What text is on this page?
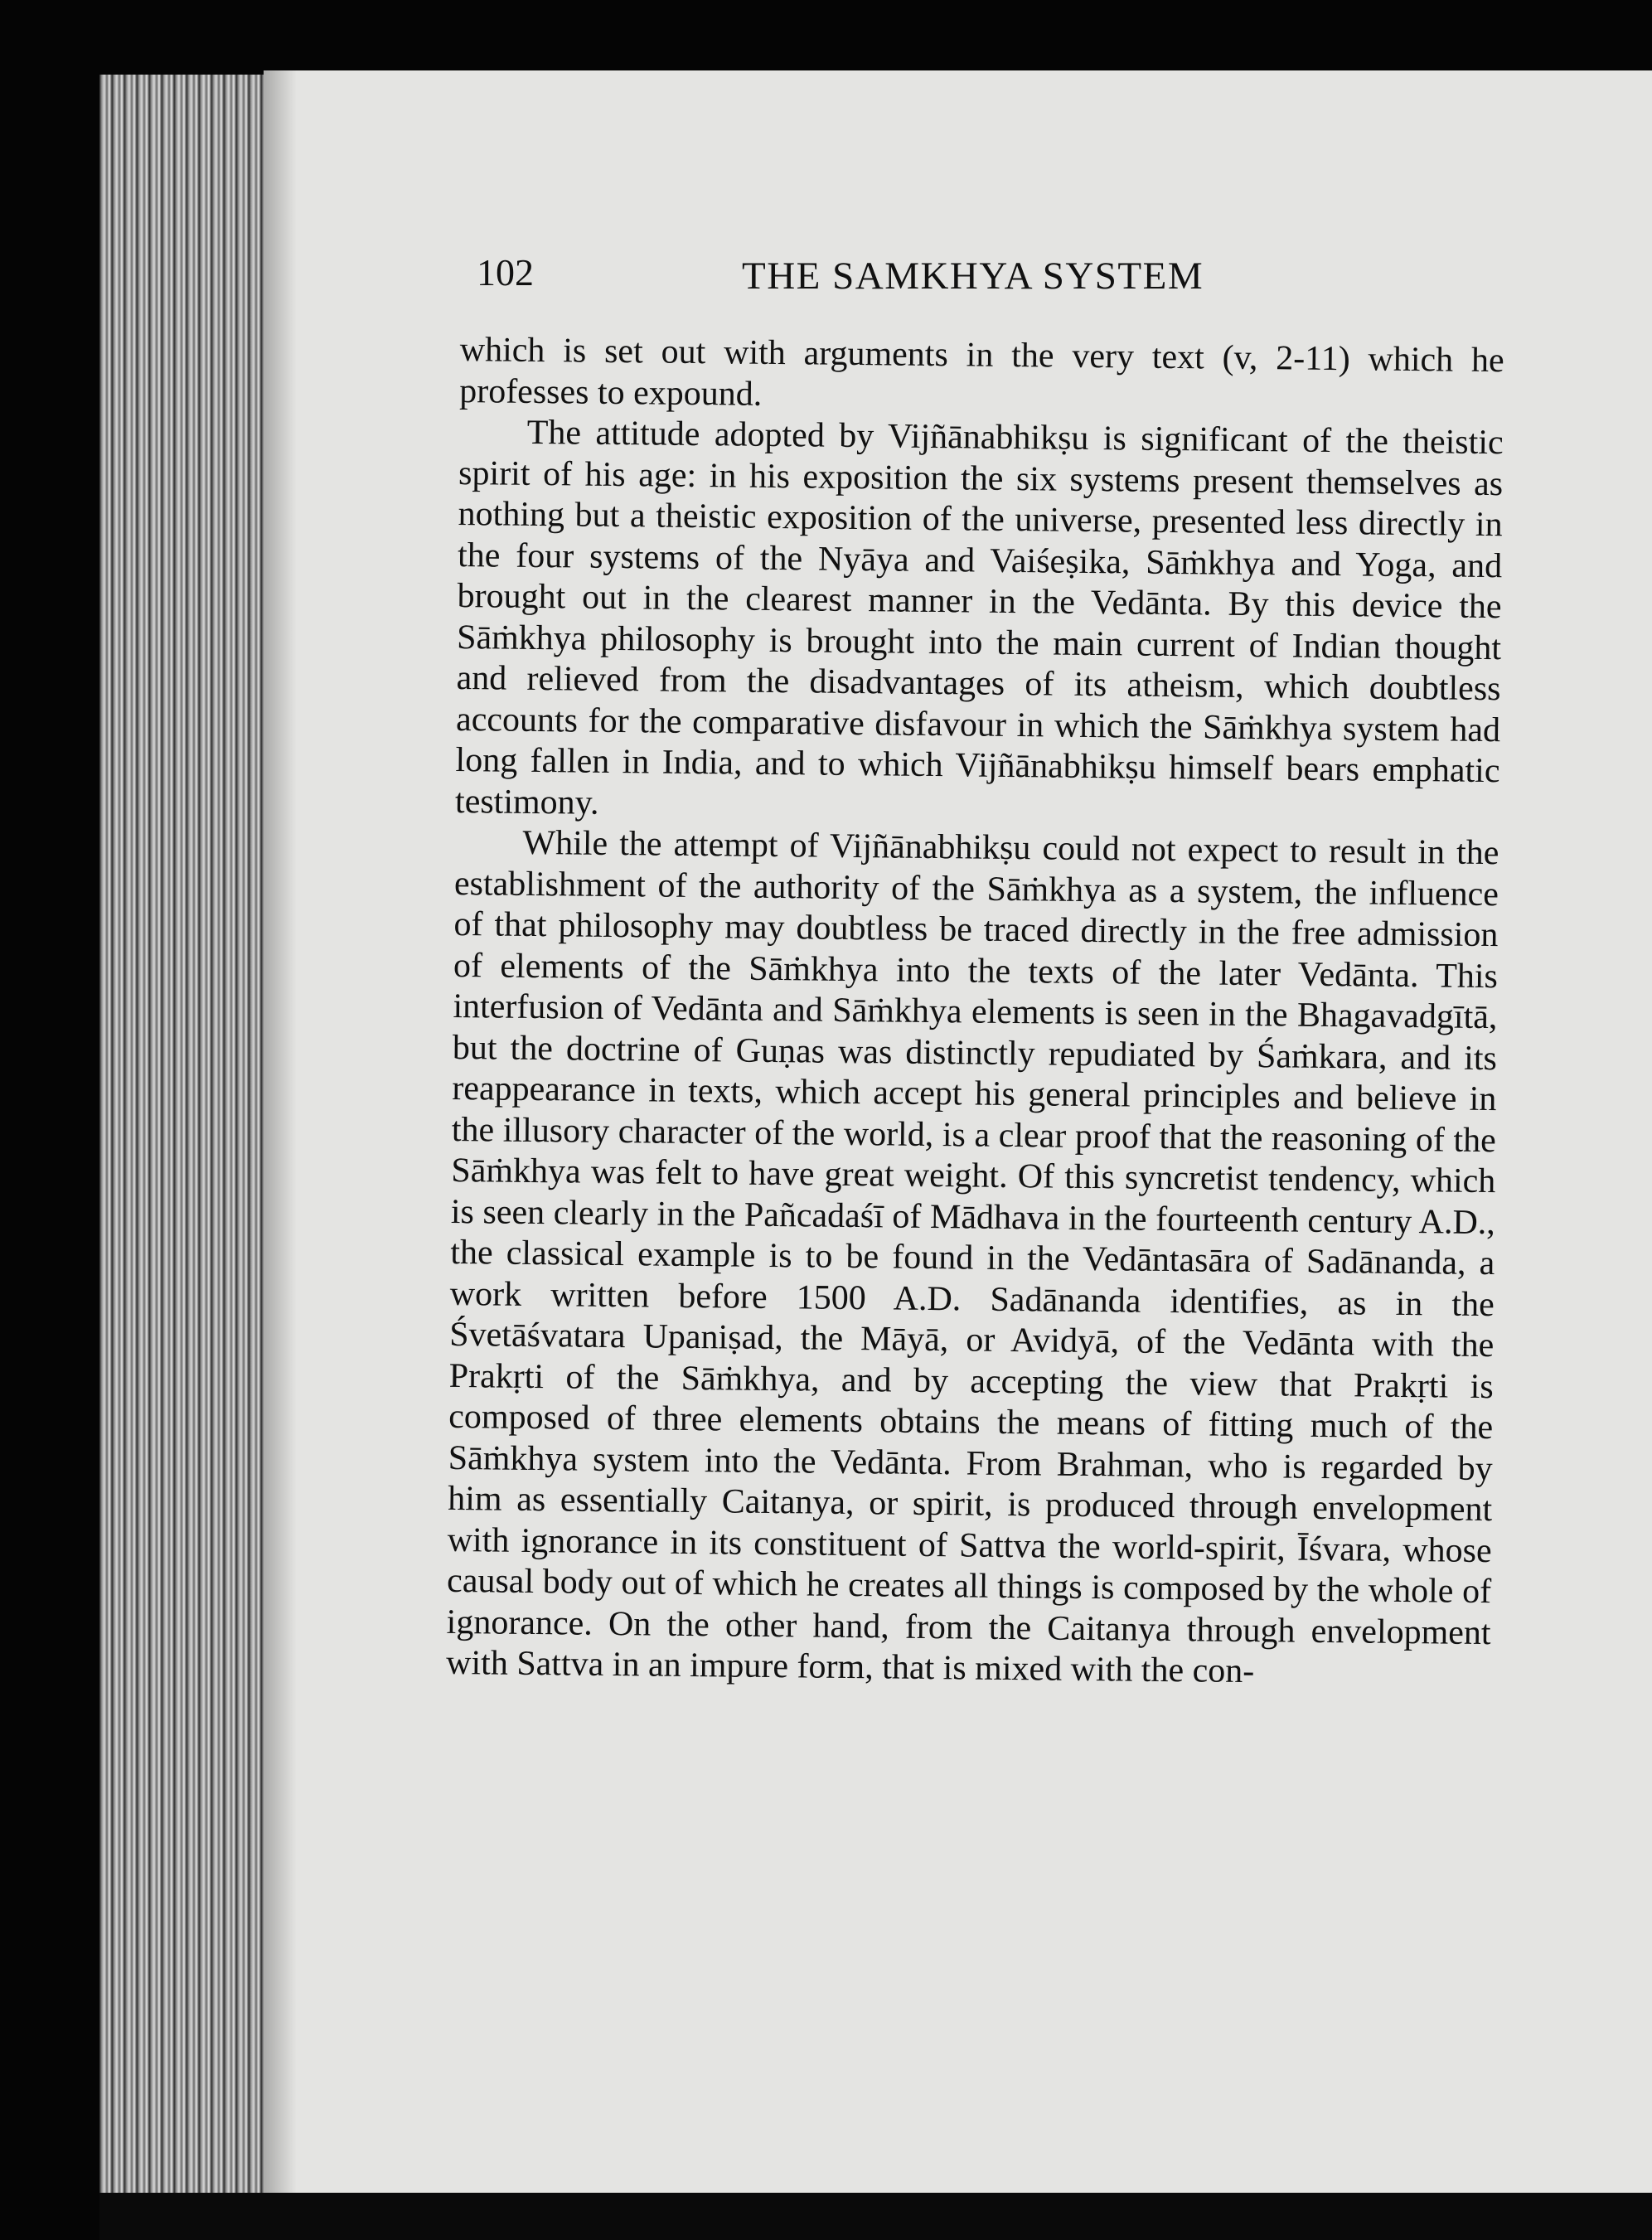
102	THE SAMKHYA SYSTEM

which is set out with arguments in the very text (v, 2-11) which he professes to expound.

The attitude adopted by Vijñānabhikṣu is significant of the theistic spirit of his age: in his exposition the six systems present themselves as nothing but a theistic exposition of the universe, presented less directly in the four systems of the Nyāya and Vaiśeṣika, Sāṁkhya and Yoga, and brought out in the clearest manner in the Vedānta. By this device the Sāṁkhya philosophy is brought into the main current of Indian thought and relieved from the disadvantages of its atheism, which doubtless accounts for the comparative disfavour in which the Sāṁkhya system had long fallen in India, and to which Vijñānabhikṣu himself bears emphatic testimony.

While the attempt of Vijñānabhikṣu could not expect to result in the establishment of the authority of the Sāṁkhya as a system, the influence of that philosophy may doubtless be traced directly in the free admission of elements of the Sāṁkhya into the texts of the later Vedānta. This interfusion of Vedānta and Sāṁkhya elements is seen in the Bhagavadgītā, but the doctrine of Guṇas was distinctly repudiated by Śaṁkara, and its reappearance in texts, which accept his general principles and believe in the illusory character of the world, is a clear proof that the reasoning of the Sāṁkhya was felt to have great weight. Of this syncretist tendency, which is seen clearly in the Pañcadaśī of Mādhava in the fourteenth century A.D., the classical example is to be found in the Vedāntasāra of Sadānanda, a work written before 1500 A.D. Sadānanda identifies, as in the Śvetāśvatara Upaniṣad, the Māyā, or Avidyā, of the Vedānta with the Prakṛti of the Sāṁkhya, and by accepting the view that Prakṛti is composed of three elements obtains the means of fitting much of the Sāṁkhya system into the Vedānta. From Brahman, who is regarded by him as essentially Caitanya, or spirit, is produced through envelopment with ignorance in its constituent of Sattva the world-spirit, Īśvara, whose causal body out of which he creates all things is composed by the whole of ignorance. On the other hand, from the Caitanya through envelopment with Sattva in an impure form, that is mixed with the con-
